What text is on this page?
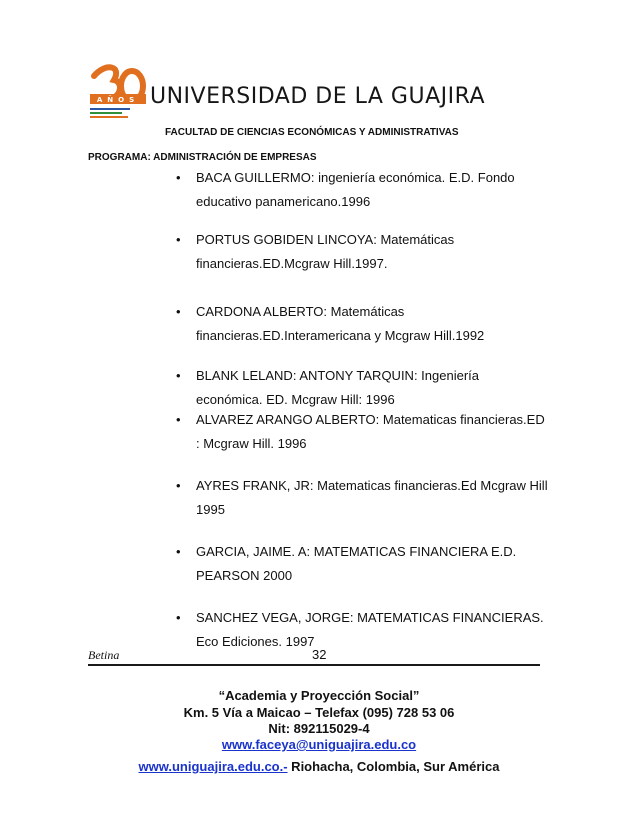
AÑOS UNIVERSIDAD DE LA GUAJIRA
FACULTAD DE CIENCIAS ECONÓMICAS Y ADMINISTRATIVAS
PROGRAMA: ADMINISTRACIÓN DE EMPRESAS
• BACA GUILLERMO: ingeniería económica. E.D. Fondo educativo panamericano.1996
• PORTUS GOBIDEN LINCOYA: Matemáticas financieras.ED.Mcgraw Hill.1997.
• CARDONA ALBERTO: Matemáticas financieras.ED.Interamericana y Mcgraw Hill.1992
• BLANK LELAND: ANTONY TARQUIN: Ingeniería económica. ED. Mcgraw Hill: 1996
• ALVAREZ ARANGO ALBERTO: Matematicas financieras.ED : Mcgraw Hill. 1996
• AYRES FRANK, JR: Matematicas financieras.Ed Mcgraw Hill 1995
• GARCIA, JAIME. A: MATEMATICAS FINANCIERA E.D. PEARSON 2000
• SANCHEZ VEGA, JORGE: MATEMATICAS FINANCIERAS. Eco Ediciones. 1997
Betina	32
“Academia y Proyección Social”
Km. 5 Vía a Maicao – Telefax (095) 728 53 06
Nit: 892115029-4
www.faceya@uniguajira.edu.co
www.uniguajira.edu.co.- Riohacha, Colombia, Sur América
